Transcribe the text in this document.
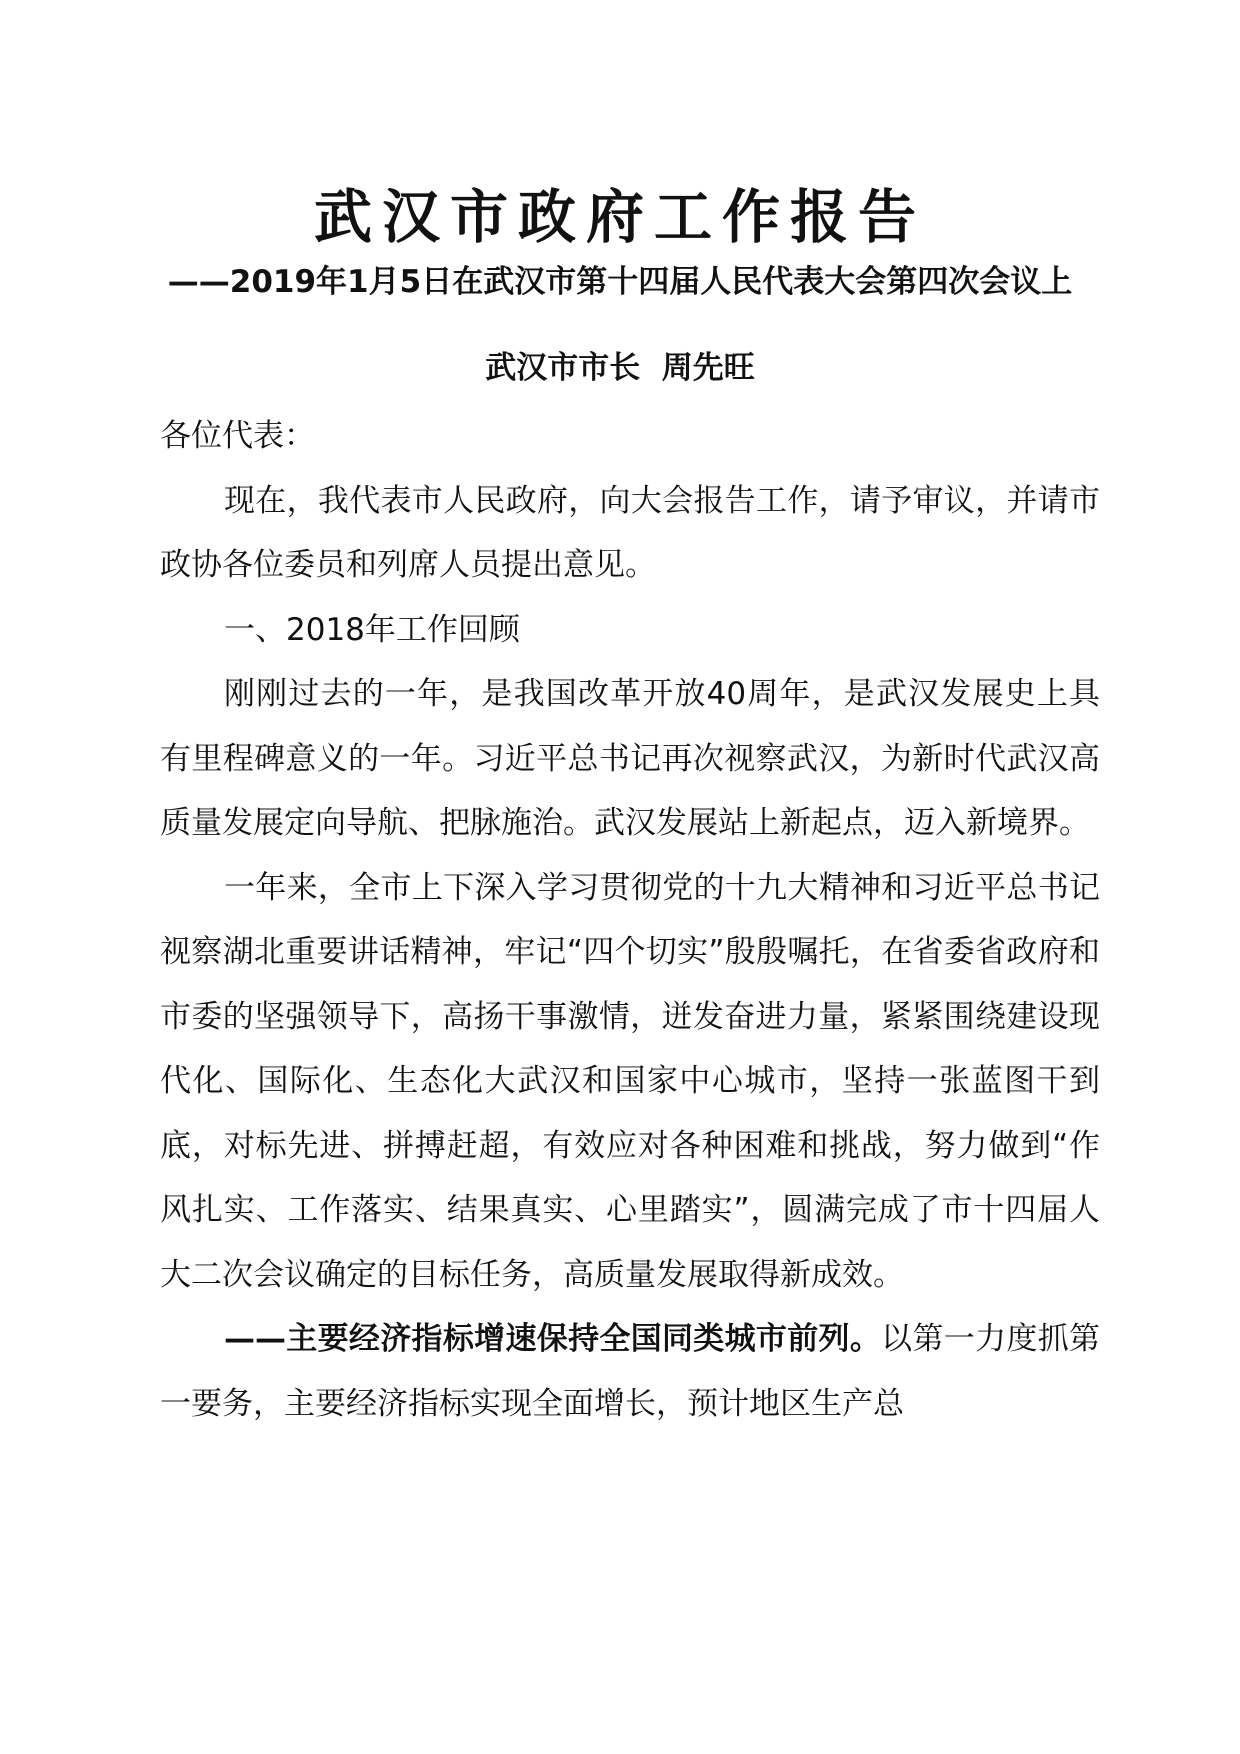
武汉市政府工作报告
——2019年1月5日在武汉市第十四届人民代表大会第四次会议上
武汉市市长  周先旺

各位代表：

现在，我代表市人民政府，向大会报告工作，请予审议，并请市政协各位委员和列席人员提出意见。

一、2018年工作回顾

刚刚过去的一年，是我国改革开放40周年，是武汉发展史上具有里程碑意义的一年。习近平总书记再次视察武汉，为新时代武汉高质量发展定向导航、把脉施治。武汉发展站上新起点，迈入新境界。

一年来，全市上下深入学习贯彻党的十九大精神和习近平总书记视察湖北重要讲话精神，牢记“四个切实”殷殷嘱托，在省委省政府和市委的坚强领导下，高扬干事激情，迸发奋进力量，紧紧围绕建设现代化、国际化、生态化大武汉和国家中心城市，坚持一张蓝图干到底，对标先进、拼搏赶超，有效应对各种困难和挑战，努力做到“作风扎实、工作落实、结果真实、心里踏实”，圆满完成了市十四届人大二次会议确定的目标任务，高质量发展取得新成效。

——主要经济指标增速保持全国同类城市前列。以第一力度抓第一要务，主要经济指标实现全面增长，预计地区生产总
